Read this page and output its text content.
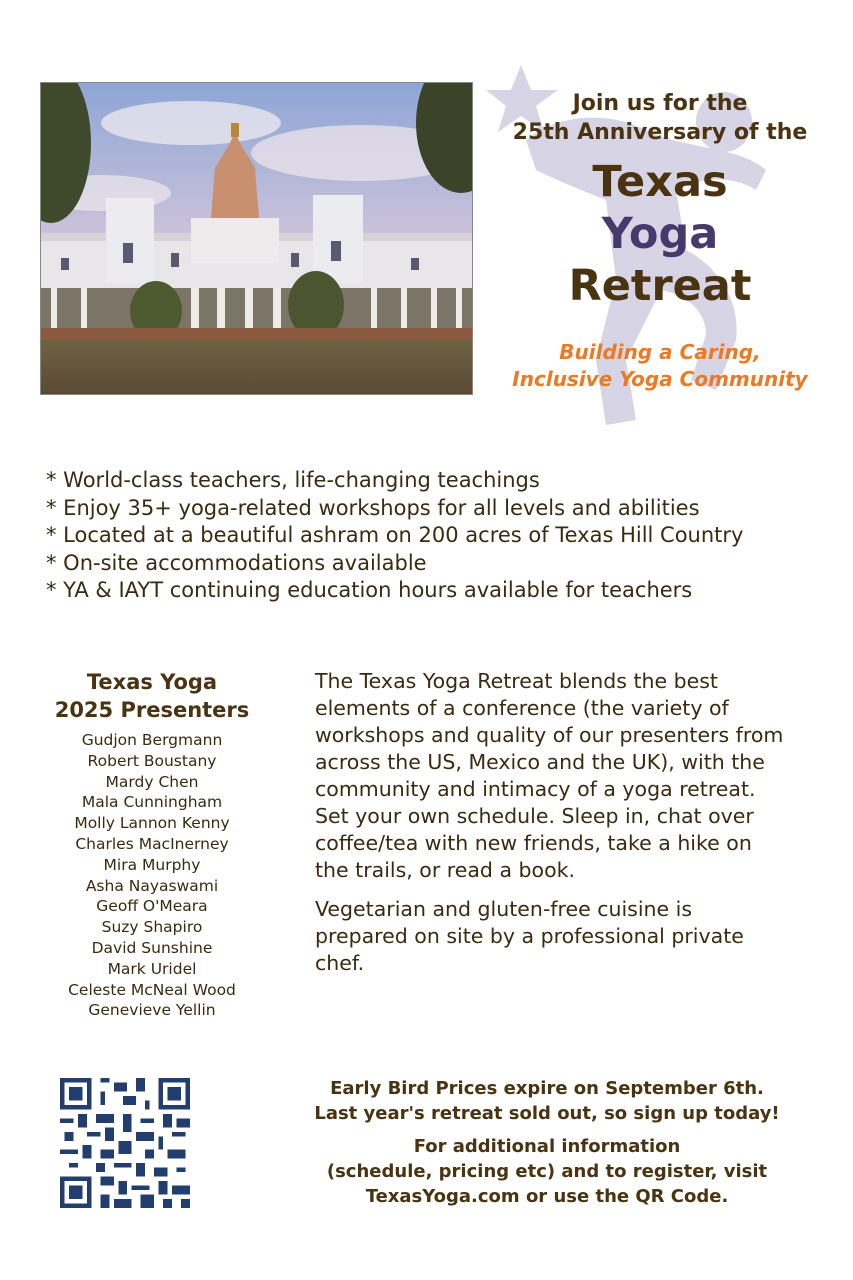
Join us for the
25th Anniversary of the
Texas
Yoga
Retreat
Building a Caring,
Inclusive Yoga Community
* World-class teachers, life-changing teachings
* Enjoy 35+ yoga-related workshops for all levels and abilities
* Located at a beautiful ashram on 200 acres of Texas Hill Country
* On-site accommodations available
* YA & IAYT continuing education hours available for teachers
Texas Yoga
2025 Presenters
Gudjon Bergmann
Robert Boustany
Mardy Chen
Mala Cunningham
Molly Lannon Kenny
Charles MacInerney
Mira Murphy
Asha Nayaswami
Geoff O'Meara
Suzy Shapiro
David Sunshine
Mark Uridel
Celeste McNeal Wood
Genevieve Yellin

The Texas Yoga Retreat blends the best elements of a conference (the variety of workshops and quality of our presenters from across the US, Mexico and the UK), with the community and intimacy of a yoga retreat. Set your own schedule. Sleep in, chat over coffee/tea with new friends, take a hike on the trails, or read a book.

Vegetarian and gluten-free cuisine is prepared on site by a professional private chef.

Early Bird Prices expire on September 6th.
Last year's retreat sold out, so sign up today!

For additional information
(schedule, pricing etc) and to register, visit
TexasYoga.com or use the QR Code.
